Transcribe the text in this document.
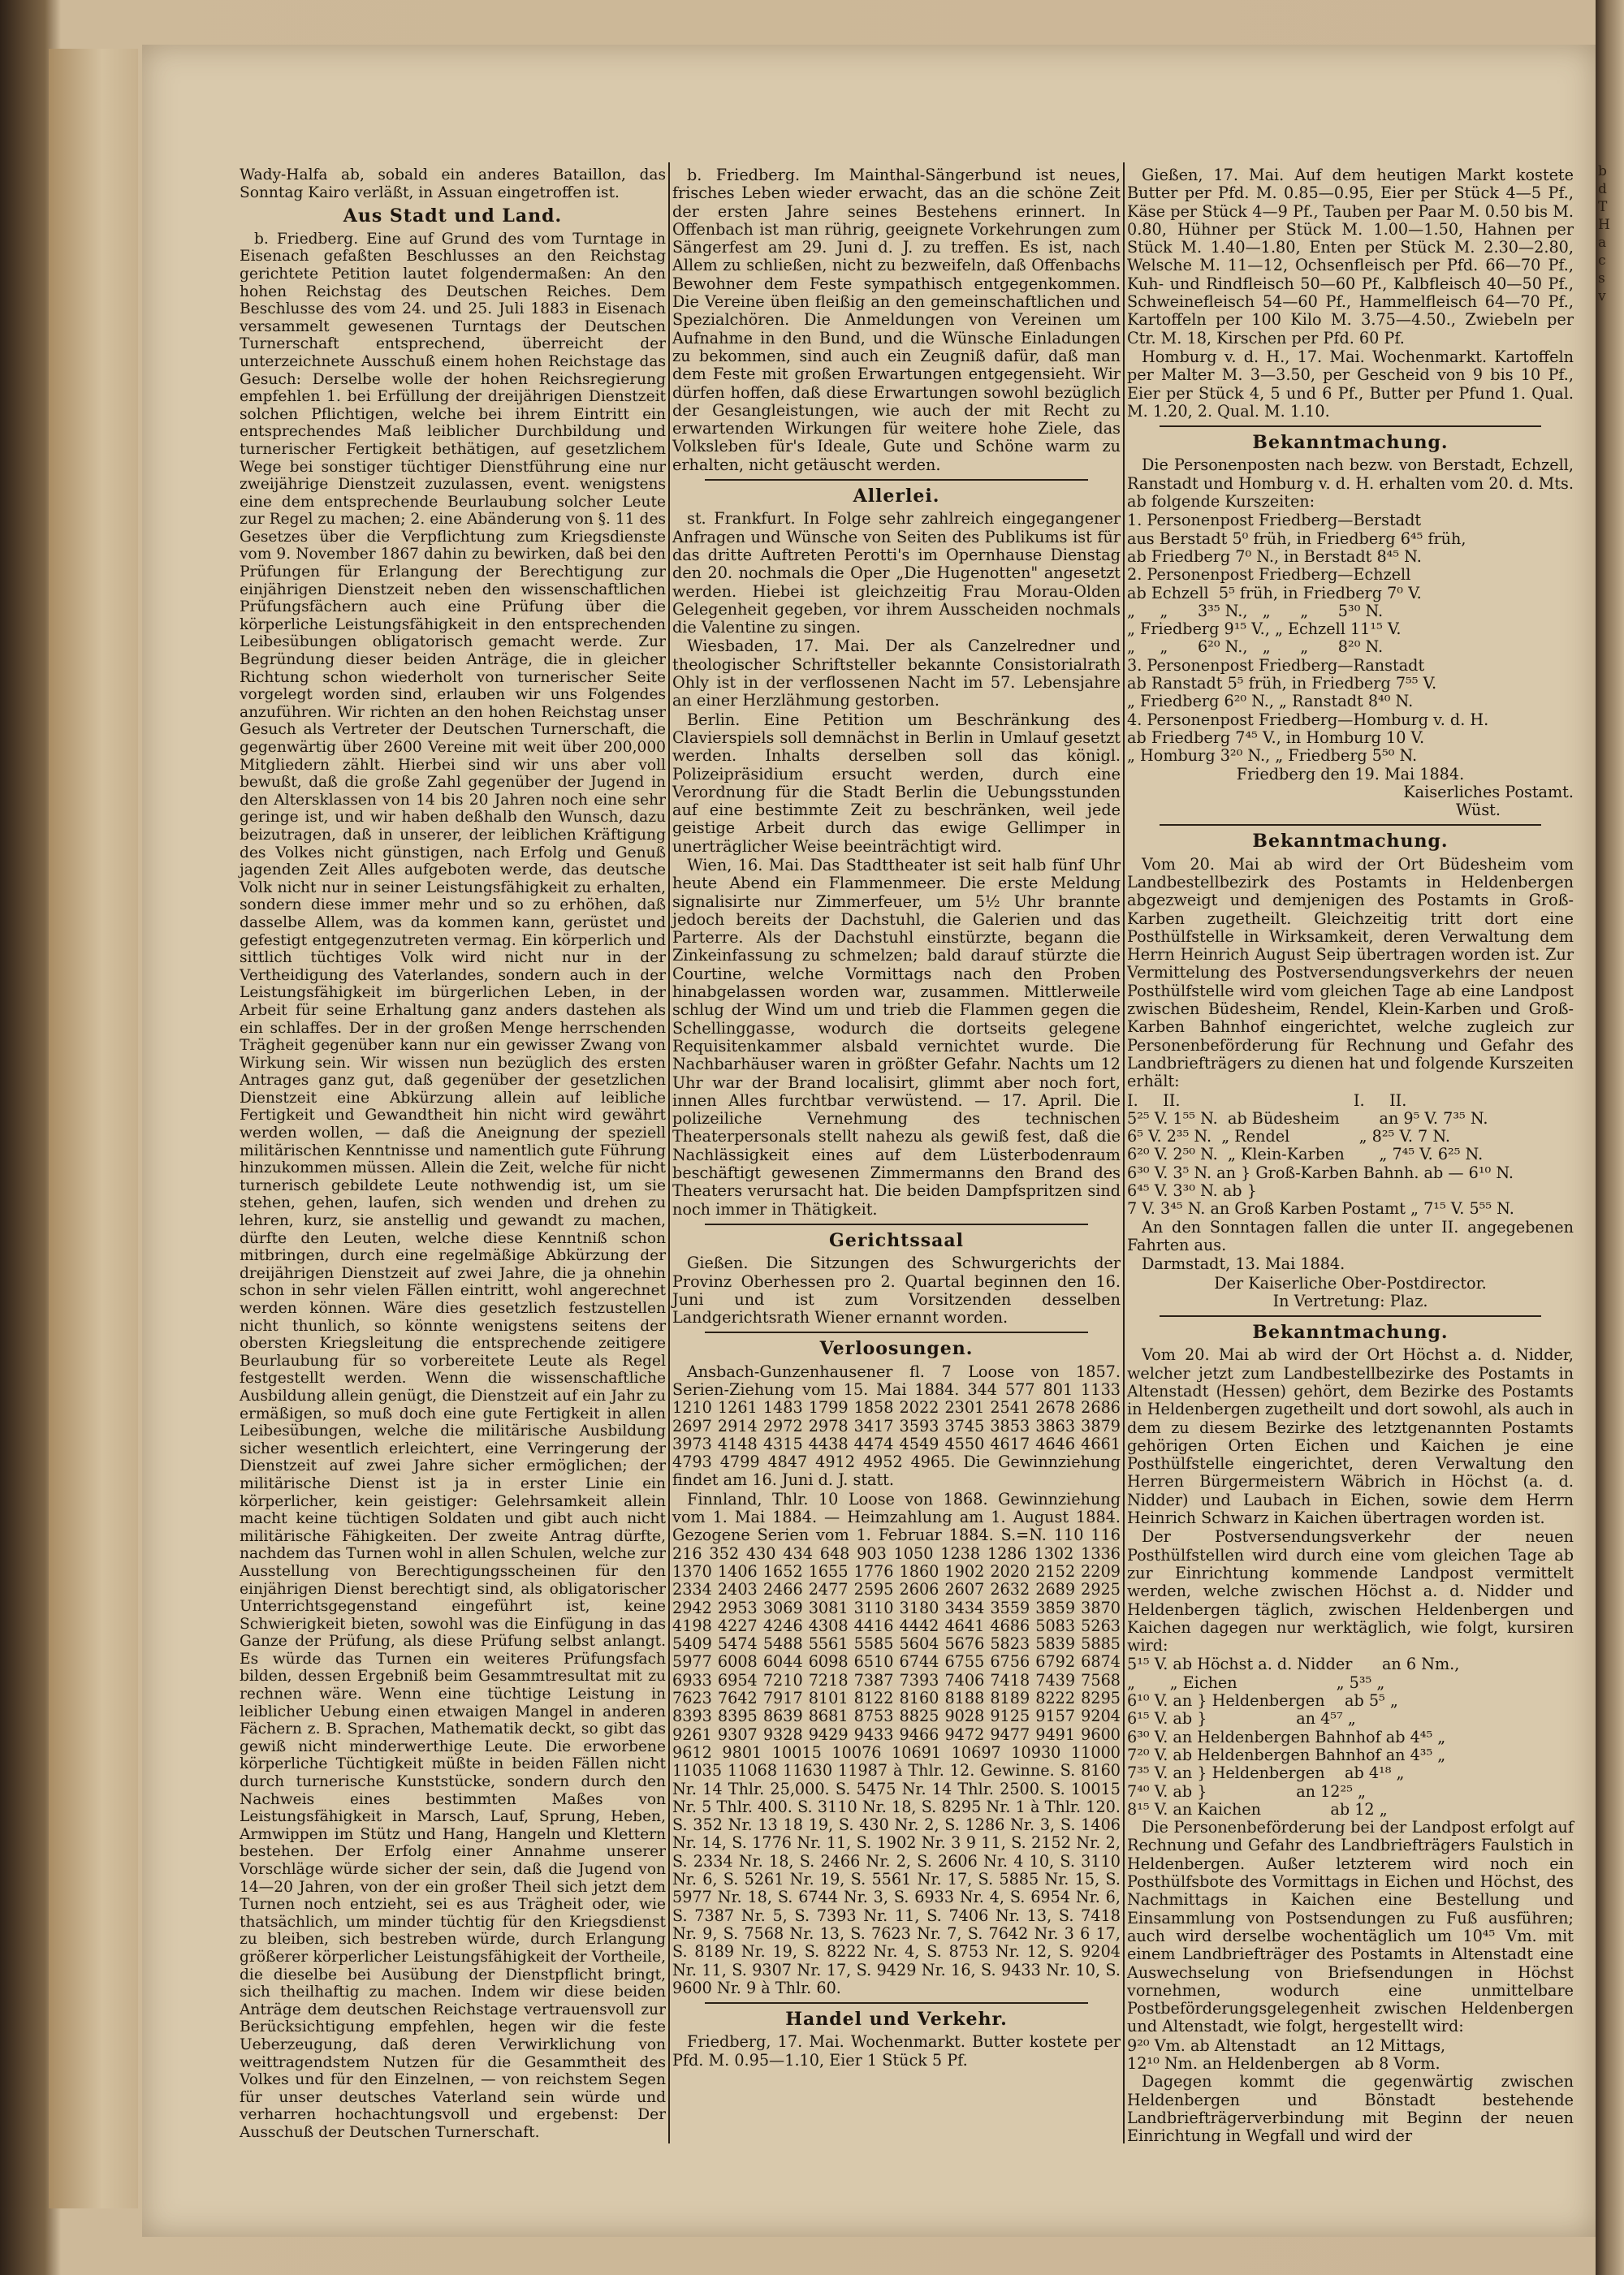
Wady-Halfa ab, sobald ein anderes Bataillon, das Sonntag Kairo verläßt, in Assuan eingetroffen ist.

Aus Stadt und Land.

b. Friedberg. Eine auf Grund des vom Turntage in Eisenach gefaßten Beschlusses an den Reichstag gerichtete Petition lautet folgendermaßen: An den hohen Reichstag des Deutschen Reiches. Dem Beschlusse des vom 24. und 25. Juli 1883 in Eisenach versammelt gewesenen Turntags der Deutschen Turnerschaft entsprechend, überreicht der unterzeichnete Ausschuß einem hohen Reichstage das Gesuch: Derselbe wolle der hohen Reichsregierung empfehlen 1. bei Erfüllung der dreijährigen Dienstzeit solchen Pflichtigen, welche bei ihrem Eintritt ein entsprechendes Maß leiblicher Durchbildung und turnerischer Fertigkeit bethätigen, auf gesetzlichem Wege bei sonstiger tüchtiger Dienstführung eine nur zweijährige Dienstzeit zuzulassen, event. wenigstens eine dem entsprechende Beurlaubung solcher Leute zur Regel zu machen; 2. eine Abänderung von §. 11 des Gesetzes über die Verpflichtung zum Kriegsdienste vom 9. November 1867 dahin zu bewirken, daß bei den Prüfungen für Erlangung der Berechtigung zur einjährigen Dienstzeit neben den wissenschaftlichen Prüfungsfächern auch eine Prüfung über die körperliche Leistungsfähigkeit in den entsprechenden Leibesübungen obligatorisch gemacht werde. Zur Begründung dieser beiden Anträge, die in gleicher Richtung schon wiederholt von turnerischer Seite vorgelegt worden sind, erlauben wir uns Folgendes anzuführen. Wir richten an den hohen Reichstag unser Gesuch als Vertreter der Deutschen Turnerschaft, die gegenwärtig über 2600 Vereine mit weit über 200,000 Mitgliedern zählt. Hierbei sind wir uns aber voll bewußt, daß die große Zahl gegenüber der Jugend in den Altersklassen von 14 bis 20 Jahren noch eine sehr geringe ist, und wir haben deßhalb den Wunsch, dazu beizutragen, daß in unserer, der leiblichen Kräftigung des Volkes nicht günstigen, nach Erfolg und Genuß jagenden Zeit Alles aufgeboten werde, das deutsche Volk nicht nur in seiner Leistungsfähigkeit zu erhalten, sondern diese immer mehr und so zu erhöhen, daß dasselbe Allem, was da kommen kann, gerüstet und gefestigt entgegenzutreten vermag. Ein körperlich und sittlich tüchtiges Volk wird nicht nur in der Vertheidigung des Vaterlandes, sondern auch in der Leistungsfähigkeit im bürgerlichen Leben, in der Arbeit für seine Erhaltung ganz anders dastehen als ein schlaffes. Der in der großen Menge herrschenden Trägheit gegenüber kann nur ein gewisser Zwang von Wirkung sein. Wir wissen nun bezüglich des ersten Antrages ganz gut, daß gegenüber der gesetzlichen Dienstzeit eine Abkürzung allein auf leibliche Fertigkeit und Gewandtheit hin nicht wird gewährt werden wollen, — daß die Aneignung der speziell militärischen Kenntnisse und namentlich gute Führung hinzukommen müssen. Allein die Zeit, welche für nicht turnerisch gebildete Leute nothwendig ist, um sie stehen, gehen, laufen, sich wenden und drehen zu lehren, kurz, sie anstellig und gewandt zu machen, dürfte den Leuten, welche diese Kenntniß schon mitbringen, durch eine regelmäßige Abkürzung der dreijährigen Dienstzeit auf zwei Jahre, die ja ohnehin schon in sehr vielen Fällen eintritt, wohl angerechnet werden können. Wäre dies gesetzlich festzustellen nicht thunlich, so könnte wenigstens seitens der obersten Kriegsleitung die entsprechende zeitigere Beurlaubung für so vorbereitete Leute als Regel festgestellt werden. Wenn die wissenschaftliche Ausbildung allein genügt, die Dienstzeit auf ein Jahr zu ermäßigen, so muß doch eine gute Fertigkeit in allen Leibesübungen, welche die militärische Ausbildung sicher wesentlich erleichtert, eine Verringerung der Dienstzeit auf zwei Jahre sicher ermöglichen; der militärische Dienst ist ja in erster Linie ein körperlicher, kein geistiger: Gelehrsamkeit allein macht keine tüchtigen Soldaten und gibt auch nicht militärische Fähigkeiten. Der zweite Antrag dürfte, nachdem das Turnen wohl in allen Schulen, welche zur Ausstellung von Berechtigungsscheinen für den einjährigen Dienst berechtigt sind, als obligatorischer Unterrichtsgegenstand eingeführt ist, keine Schwierigkeit bieten, sowohl was die Einfügung in das Ganze der Prüfung, als diese Prüfung selbst anlangt. Es würde das Turnen ein weiteres Prüfungsfach bilden, dessen Ergebniß beim Gesammtresultat mit zu rechnen wäre. Wenn eine tüchtige Leistung in leiblicher Uebung einen etwaigen Mangel in anderen Fächern z. B. Sprachen, Mathematik deckt, so gibt das gewiß nicht minderwerthige Leute. Die erworbene körperliche Tüchtigkeit müßte in beiden Fällen nicht durch turnerische Kunststücke, sondern durch den Nachweis eines bestimmten Maßes von Leistungsfähigkeit in Marsch, Lauf, Sprung, Heben, Armwippen im Stütz und Hang, Hangeln und Klettern bestehen. Der Erfolg einer Annahme unserer Vorschläge würde sicher der sein, daß die Jugend von 14—20 Jahren, von der ein großer Theil sich jetzt dem Turnen noch entzieht, sei es aus Trägheit oder, wie thatsächlich, um minder tüchtig für den Kriegsdienst zu bleiben, sich bestreben würde, durch Erlangung größerer körperlicher Leistungsfähigkeit der Vortheile, die dieselbe bei Ausübung der Dienstpflicht bringt, sich theilhaftig zu machen. Indem wir diese beiden Anträge dem deutschen Reichstage vertrauensvoll zur Berücksichtigung empfehlen, hegen wir die feste Ueberzeugung, daß deren Verwirklichung von weittragendstem Nutzen für die Gesammtheit des Volkes und für den Einzelnen, — von reichstem Segen für unser deutsches Vaterland sein würde und verharren hochachtungsvoll und ergebenst: Der Ausschuß der Deutschen Turnerschaft.

b. Friedberg. Im Mainthal-Sängerbund ist neues, frisches Leben wieder erwacht, das an die schöne Zeit der ersten Jahre seines Bestehens erinnert. In Offenbach ist man rührig, geeignete Vorkehrungen zum Sängerfest am 29. Juni d. J. zu treffen. Es ist, nach Allem zu schließen, nicht zu bezweifeln, daß Offenbachs Bewohner dem Feste sympathisch entgegenkommen. Die Vereine üben fleißig an den gemeinschaftlichen und Spezialchören. Die Anmeldungen von Vereinen um Aufnahme in den Bund, und die Wünsche Einladungen zu bekommen, sind auch ein Zeugniß dafür, daß man dem Feste mit großen Erwartungen entgegensieht. Wir dürfen hoffen, daß diese Erwartungen sowohl bezüglich der Gesangleistungen, wie auch der mit Recht zu erwartenden Wirkungen für weitere hohe Ziele, das Volksleben für's Ideale, Gute und Schöne warm zu erhalten, nicht getäuscht werden.

Allerlei.

st. Frankfurt. In Folge sehr zahlreich eingegangener Anfragen und Wünsche von Seiten des Publikums ist für das dritte Auftreten Perotti's im Opernhause Dienstag den 20. nochmals die Oper „Die Hugenotten" angesetzt werden. Hiebei ist gleichzeitig Frau Morau-Olden Gelegenheit gegeben, vor ihrem Ausscheiden nochmals die Valentine zu singen.

Wiesbaden, 17. Mai. Der als Canzelredner und theologischer Schriftsteller bekannte Consistorialrath Ohly ist in der verflossenen Nacht im 57. Lebensjahre an einer Herzlähmung gestorben.

Berlin. Eine Petition um Beschränkung des Clavierspiels soll demnächst in Berlin in Umlauf gesetzt werden. Inhalts derselben soll das königl. Polizeipräsidium ersucht werden, durch eine Verordnung für die Stadt Berlin die Uebungsstunden auf eine bestimmte Zeit zu beschränken, weil jede geistige Arbeit durch das ewige Gellimper in unerträglicher Weise beeinträchtigt wird.

Wien, 16. Mai. Das Stadttheater ist seit halb fünf Uhr heute Abend ein Flammenmeer. Die erste Meldung signalisirte nur Zimmerfeuer, um 5½ Uhr brannte jedoch bereits der Dachstuhl, die Galerien und das Parterre. Als der Dachstuhl einstürzte, begann die Zinkeinfassung zu schmelzen; bald darauf stürzte die Courtine, welche Vormittags nach den Proben hinabgelassen worden war, zusammen. Mittlerweile schlug der Wind um und trieb die Flammen gegen die Schellinggasse, wodurch die dortseits gelegene Requisitenkammer alsbald vernichtet wurde. Die Nachbarhäuser waren in größter Gefahr. Nachts um 12 Uhr war der Brand localisirt, glimmt aber noch fort, innen Alles furchtbar verwüstend. — 17. April. Die polizeiliche Vernehmung des technischen Theaterpersonals stellt nahezu als gewiß fest, daß die Nachlässigkeit eines auf dem Lüsterbodenraum beschäftigt gewesenen Zimmermanns den Brand des Theaters verursacht hat. Die beiden Dampfspritzen sind noch immer in Thätigkeit.

Gerichtssaal

Gießen. Die Sitzungen des Schwurgerichts der Provinz Oberhessen pro 2. Quartal beginnen den 16. Juni und ist zum Vorsitzenden desselben Landgerichtsrath Wiener ernannt worden.

Verloosungen.

Ansbach-Gunzenhausener fl. 7 Loose von 1857. Serien-Ziehung vom 15. Mai 1884. 344 577 801 1133 1210 1261 1483 1799 1858 2022 2301 2541 2678 2686 2697 2914 2972 2978 3417 3593 3745 3853 3863 3879 3973 4148 4315 4438 4474 4549 4550 4617 4646 4661 4793 4799 4847 4912 4952 4965. Die Gewinnziehung findet am 16. Juni d. J. statt.

Finnland, Thlr. 10 Loose von 1868. Gewinnziehung vom 1. Mai 1884. — Heimzahlung am 1. August 1884. Gezogene Serien vom 1. Februar 1884. S.=N. 110 116 216 352 430 434 648 903 1050 1238 1286 1302 1336 1370 1406 1652 1655 1776 1860 1902 2020 2152 2209 2334 2403 2466 2477 2595 2606 2607 2632 2689 2925 2942 2953 3069 3081 3110 3180 3434 3559 3859 3870 4198 4227 4246 4308 4416 4442 4641 4686 5083 5263 5409 5474 5488 5561 5585 5604 5676 5823 5839 5885 5977 6008 6044 6098 6510 6744 6755 6756 6792 6874 6933 6954 7210 7218 7387 7393 7406 7418 7439 7568 7623 7642 7917 8101 8122 8160 8188 8189 8222 8295 8393 8395 8639 8681 8753 8825 9028 9125 9157 9204 9261 9307 9328 9429 9433 9466 9472 9477 9491 9600 9612 9801 10015 10076 10691 10697 10930 11000 11035 11068 11630 11987 à Thlr. 12. Gewinne. S. 8160 Nr. 14 Thlr. 25,000. S. 5475 Nr. 14 Thlr. 2500. S. 10015 Nr. 5 Thlr. 400. S. 3110 Nr. 18, S. 8295 Nr. 1 à Thlr. 120. S. 352 Nr. 13 18 19, S. 430 Nr. 2, S. 1286 Nr. 3, S. 1406 Nr. 14, S. 1776 Nr. 11, S. 1902 Nr. 3 9 11, S. 2152 Nr. 2, S. 2334 Nr. 18, S. 2466 Nr. 2, S. 2606 Nr. 4 10, S. 3110 Nr. 6, S. 5261 Nr. 19, S. 5561 Nr. 17, S. 5885 Nr. 15, S. 5977 Nr. 18, S. 6744 Nr. 3, S. 6933 Nr. 4, S. 6954 Nr. 6, S. 7387 Nr. 5, S. 7393 Nr. 11, S. 7406 Nr. 13, S. 7418 Nr. 9, S. 7568 Nr. 13, S. 7623 Nr. 7, S. 7642 Nr. 3 6 17, S. 8189 Nr. 19, S. 8222 Nr. 4, S. 8753 Nr. 12, S. 9204 Nr. 11, S. 9307 Nr. 17, S. 9429 Nr. 16, S. 9433 Nr. 10, S. 9600 Nr. 9 à Thlr. 60.

Handel und Verkehr.

Friedberg, 17. Mai. Wochenmarkt. Butter kostete per Pfd. M. 0.95—1.10, Eier 1 Stück 5 Pf.

Gießen, 17. Mai. Auf dem heutigen Markt kostete Butter per Pfd. M. 0.85—0.95, Eier per Stück 4—5 Pf., Käse per Stück 4—9 Pf., Tauben per Paar M. 0.50 bis M. 0.80, Hühner per Stück M. 1.00—1.50, Hahnen per Stück M. 1.40—1.80, Enten per Stück M. 2.30—2.80, Welsche M. 11—12, Ochsenfleisch per Pfd. 66—70 Pf., Kuh- und Rindfleisch 50—60 Pf., Kalbfleisch 40—50 Pf., Schweinefleisch 54—60 Pf., Hammelfleisch 64—70 Pf., Kartoffeln per 100 Kilo M. 3.75—4.50., Zwiebeln per Ctr. M. 18, Kirschen per Pfd. 60 Pf.

Homburg v. d. H., 17. Mai. Wochenmarkt. Kartoffeln per Malter M. 3—3.50, per Gescheid von 9 bis 10 Pf., Eier per Stück 4, 5 und 6 Pf., Butter per Pfund 1. Qual. M. 1.20, 2. Qual. M. 1.10.

Bekanntmachung.

Die Personenposten nach bezw. von Berstadt, Echzell, Ranstadt und Homburg v. d. H. erhalten vom 20. d. Mts. ab folgende Kurszeiten:

1. Personenpost Friedberg—Berstadt
aus Berstadt 5⁰ früh, in Friedberg 6⁴⁵ früh,
ab Friedberg 7⁰ N., in Berstadt 8⁴⁵ N.
2. Personenpost Friedberg—Echzell
ab Echzell  5⁵ früh, in Friedberg 7⁰ V.
„     „      3³⁵ N.,   „      „      5³⁰ N.
„ Friedberg 9¹⁵ V., „ Echzell 11¹⁵ V.
„     „      6²⁰ N.,   „      „      8²⁰ N.
3. Personenpost Friedberg—Ranstadt
ab Ranstadt 5⁵ früh, in Friedberg 7⁵⁵ V.
„ Friedberg 6²⁰ N., „ Ranstadt 8⁴⁰ N.
4. Personenpost Friedberg—Homburg v. d. H.
ab Friedberg 7⁴⁵ V., in Homburg 10 V.
„ Homburg 3²⁰ N., „ Friedberg 5⁵⁰ N.
Friedberg den 19. Mai 1884.
Kaiserliches Postamt.
Wüst.
Bekanntmachung.

Vom 20. Mai ab wird der Ort Büdesheim vom Landbestellbezirk des Postamts in Heldenbergen abgezweigt und demjenigen des Postamts in Groß-Karben zugetheilt. Gleichzeitig tritt dort eine Posthülfstelle in Wirksamkeit, deren Verwaltung dem Herrn Heinrich August Seip übertragen worden ist. Zur Vermittelung des Postversendungsverkehrs der neuen Posthülfstelle wird vom gleichen Tage ab eine Landpost zwischen Büdesheim, Rendel, Klein-Karben und Groß-Karben Bahnhof eingerichtet, welche zugleich zur Personenbeförderung für Rechnung und Gefahr des Landbriefträgers zu dienen hat und folgende Kurszeiten erhält:

I.     II.                                   I.     II.
5²⁵ V. 1⁵⁵ N.  ab Büdesheim        an 9⁵ V. 7³⁵ N.
6⁵ V. 2³⁵ N.  „ Rendel              „ 8²⁵ V. 7 N.
6²⁰ V. 2⁵⁰ N.  „ Klein-Karben       „ 7⁴⁵ V. 6²⁵ N.
6³⁰ V. 3⁵ N. an } Groß-Karben Bahnh. ab — 6¹⁰ N.
6⁴⁵ V. 3³⁰ N. ab }
7 V. 3⁴⁵ N. an Groß Karben Postamt „ 7¹⁵ V. 5⁵⁵ N.

An den Sonntagen fallen die unter II. angegebenen Fahrten aus.

Darmstadt, 13. Mai 1884.

Der Kaiserliche Ober-Postdirector.
In Vertretung: Plaz.
Bekanntmachung.

Vom 20. Mai ab wird der Ort Höchst a. d. Nidder, welcher jetzt zum Landbestellbezirke des Postamts in Altenstadt (Hessen) gehört, dem Bezirke des Postamts in Heldenbergen zugetheilt und dort sowohl, als auch in dem zu diesem Bezirke des letztgenannten Postamts gehörigen Orten Eichen und Kaichen je eine Posthülfstelle eingerichtet, deren Verwaltung den Herren Bürgermeistern Wäbrich in Höchst (a. d. Nidder) und Laubach in Eichen, sowie dem Herrn Heinrich Schwarz in Kaichen übertragen worden ist.

Der Postversendungsverkehr der neuen Posthülfstellen wird durch eine vom gleichen Tage ab zur Einrichtung kommende Landpost vermittelt werden, welche zwischen Höchst a. d. Nidder und Heldenbergen täglich, zwischen Heldenbergen und Kaichen dagegen nur werktäglich, wie folgt, kursiren wird:

5¹⁵ V. ab Höchst a. d. Nidder      an 6 Nm.,
„       „ Eichen                    „ 5³⁵ „
6¹⁰ V. an } Heldenbergen    ab 5⁵ „
6¹⁵ V. ab }                  an 4⁵⁷ „
6³⁰ V. an Heldenbergen Bahnhof ab 4⁴⁵ „
7²⁰ V. ab Heldenbergen Bahnhof an 4³⁵ „
7³⁵ V. an } Heldenbergen    ab 4¹⁸ „
7⁴⁰ V. ab }                  an 12²⁵ „
8¹⁵ V. an Kaichen              ab 12 „

Die Personenbeförderung bei der Landpost erfolgt auf Rechnung und Gefahr des Landbriefträgers Faulstich in Heldenbergen. Außer letzterem wird noch ein Posthülfsbote des Vormittags in Eichen und Höchst, des Nachmittags in Kaichen eine Bestellung und Einsammlung von Postsendungen zu Fuß ausführen; auch wird derselbe wochentäglich um 10⁴⁵ Vm. mit einem Landbriefträger des Postamts in Altenstadt eine Auswechselung von Briefsendungen in Höchst vornehmen, wodurch eine unmittelbare Postbeförderungsgelegenheit zwischen Heldenbergen und Altenstadt, wie folgt, hergestellt wird:

9²⁰ Vm. ab Altenstadt       an 12 Mittags,
12¹⁰ Nm. an Heldenbergen   ab 8 Vorm.

Dagegen kommt die gegenwärtig zwischen Heldenbergen und Bönstadt bestehende Landbriefträgerverbindung mit Beginn der neuen Einrichtung in Wegfall und wird der

b
d
T
H
a
c
s
v
